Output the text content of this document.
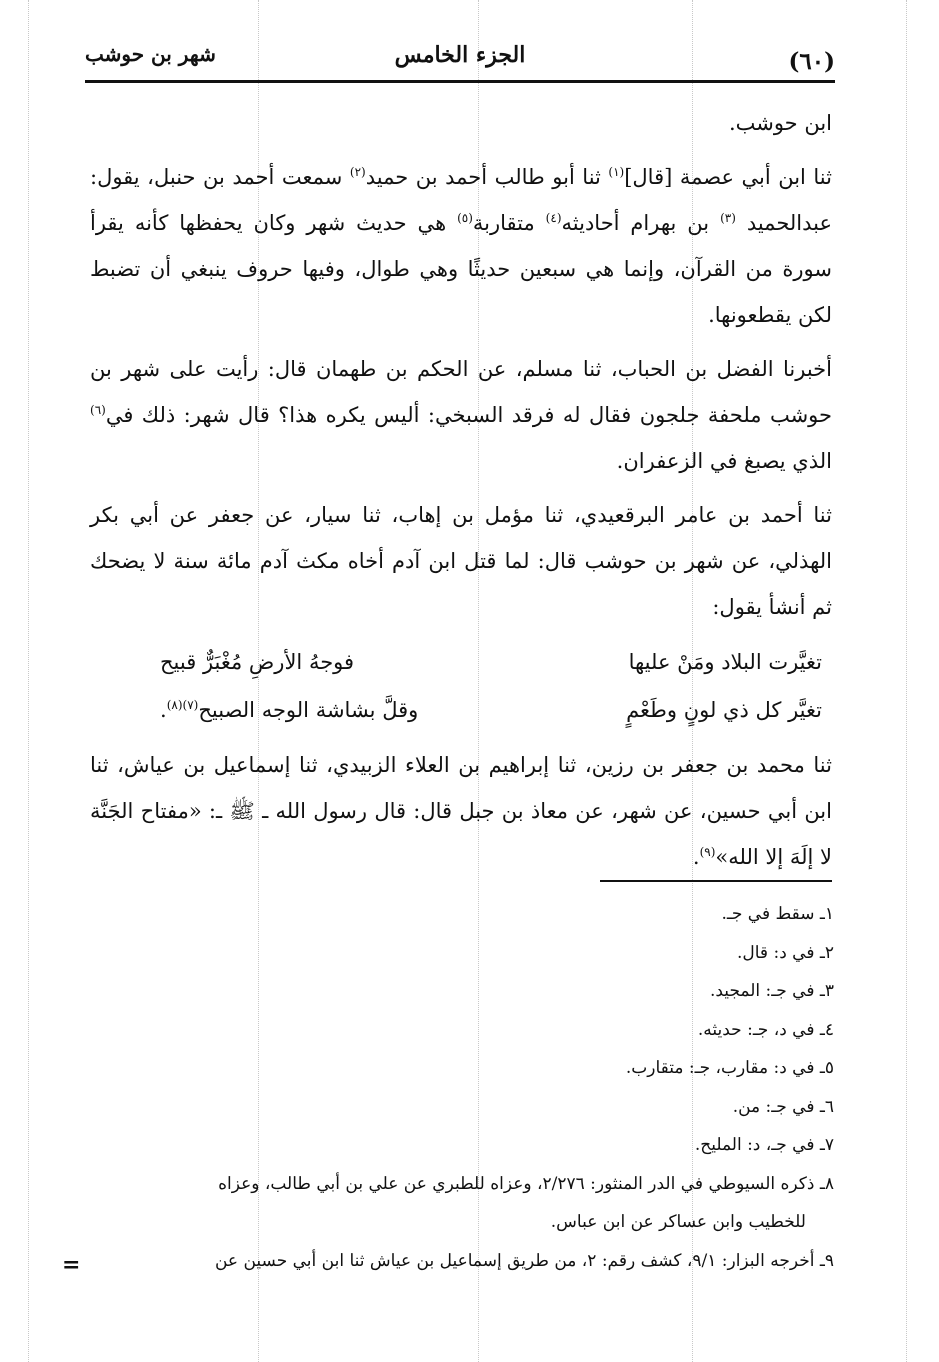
(٦٠)
الجزء الخامس
شهر بن حوشب

ابن حوشب.

ثنا ابن أبي عصمة [قال]$^{(١)}$ ثنا أبو طالب أحمد بن حميد$^{(٢)}$ سمعت أحمد بن حنبل، يقول: عبدالحميد $^{(٣)}$ بن بهرام أحاديثه$^{(٤)}$ متقاربة$^{(٥)}$ هي حديث شهر وكان يحفظها كأنه يقرأ سورة من القرآن، وإنما هي سبعين حديثًا وهي طوال، وفيها حروف ينبغي أن تضبط لكن يقطعونها.

أخبرنا الفضل بن الحباب، ثنا مسلم، عن الحكم بن طهمان قال: رأيت على شهر بن حوشب ملحفة جلجون فقال له فرقد السبخي: أليس يكره هذا؟ قال شهر: ذلك في$^{(٦)}$ الذي يصبغ في الزعفران.

ثنا أحمد بن عامر البرقعيدي، ثنا مؤمل بن إهاب، ثنا سيار، عن جعفر عن أبي بكر الهذلي، عن شهر بن حوشب قال: لما قتل ابن آدم أخاه مكث آدم مائة سنة لا يضحك ثم أنشأ يقول:

تغيَّرت البلاد ومَنْ عليها
فوجهُ الأرضِ مُغْبَرٌّ قبيح
تغيَّر كل ذي لونٍ وطَعْمٍ
وقلَّ بشاشة الوجه الصبيح$^{(٧)(٨)}$.

ثنا محمد بن جعفر بن رزين، ثنا إبراهيم بن العلاء الزبيدي، ثنا إسماعيل بن عياش، ثنا ابن أبي حسين، عن شهر، عن معاذ بن جبل قال: قال رسول الله ـ ﷺ ـ: «مفتاح الجَنَّة لا إلَهَ إلا الله»$^{(٩)}$.

١ـ سقط في جـ.

٢ـ في د: قال.

٣ـ في جـ: المجيد.

٤ـ في د، جـ: حديثه.

٥ـ في د: مقارب، جـ: متقارب.

٦ـ في جـ: من.

٧ـ في جـ، د: المليح.

٨ـ ذكره السيوطي في الدر المنثور: ٢/٢٧٦، وعزاه للطبري عن علي بن أبي طالب، وعزاه

للخطيب وابن عساكر عن ابن عباس.

٩ـ أخرجه البزار: ٩/١، كشف رقم: ٢، من طريق إسماعيل بن عياش ثنا ابن أبي حسين عن

=
